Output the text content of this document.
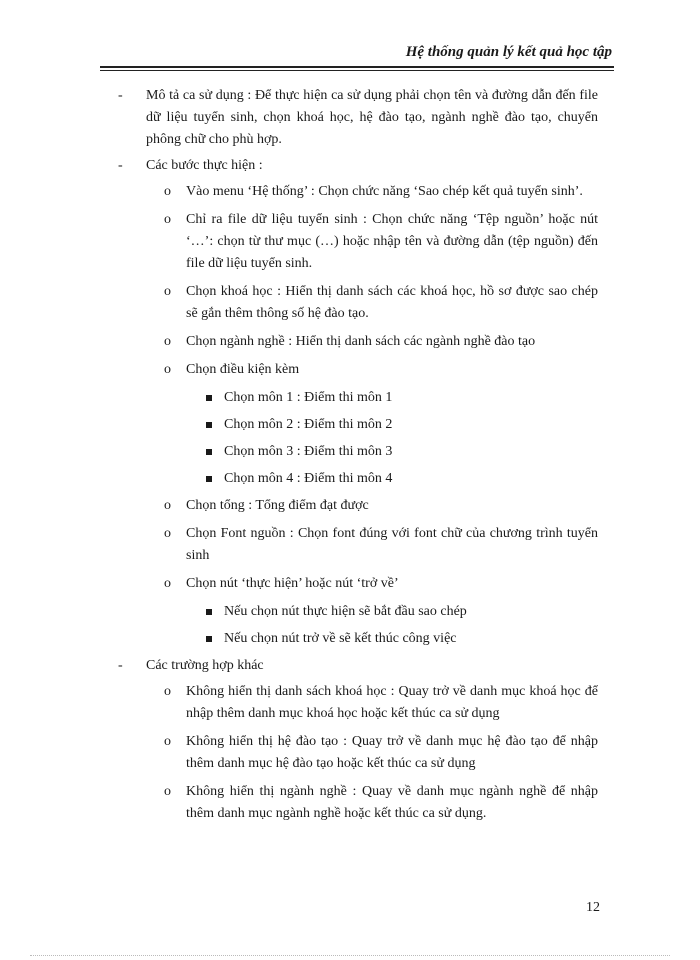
Hệ thống quản lý kết quả học tập
- Mô tả ca sử dụng : Để thực hiện ca sử dụng phải chọn tên và đường dẫn đến file dữ liệu tuyển sinh, chọn khoá học, hệ đào tạo, ngành nghề đào tạo, chuyển phông chữ cho phù hợp.
- Các bước thực hiện :
o Vào menu ‘Hệ thống’ : Chọn chức năng ‘Sao chép kết quả tuyển sinh’.
o Chỉ ra file dữ liệu tuyển sinh : Chọn chức năng ‘Tệp nguồn’ hoặc nút ‘…’: chọn từ thư mục (…) hoặc nhập tên và đường dẫn (tệp nguồn) đến file dữ liệu tuyển sinh.
o Chọn khoá học : Hiển thị danh sách các khoá học, hồ sơ được sao chép sẽ gắn thêm thông số hệ đào tạo.
o Chọn ngành nghề : Hiển thị danh sách các ngành nghề đào tạo
o Chọn điều kiện kèm
Chọn môn 1 : Điểm thi môn 1
Chọn môn 2 : Điểm thi môn 2
Chọn môn 3 : Điểm thi môn 3
Chọn môn 4 : Điểm thi môn 4
o Chọn tổng : Tổng điểm đạt được
o Chọn Font nguồn : Chọn font đúng với font chữ của chương trình tuyển sinh
o Chọn nút ‘thực hiện’ hoặc nút ‘trở về’
Nếu chọn nút thực hiện sẽ bắt đầu sao chép
Nếu chọn nút trở về sẽ kết thúc công việc
- Các trường hợp khác
o Không hiển thị danh sách khoá học : Quay trở về danh mục khoá học để nhập thêm danh mục khoá học hoặc kết thúc ca sử dụng
o Không hiển thị hệ đào tạo : Quay trở về danh mục hệ đào tạo để nhập thêm danh mục hệ đào tạo hoặc kết thúc ca sử dụng
o Không hiển thị ngành nghề : Quay về danh mục ngành nghề để nhập thêm danh mục ngành nghề hoặc kết thúc ca sử dụng.
12
